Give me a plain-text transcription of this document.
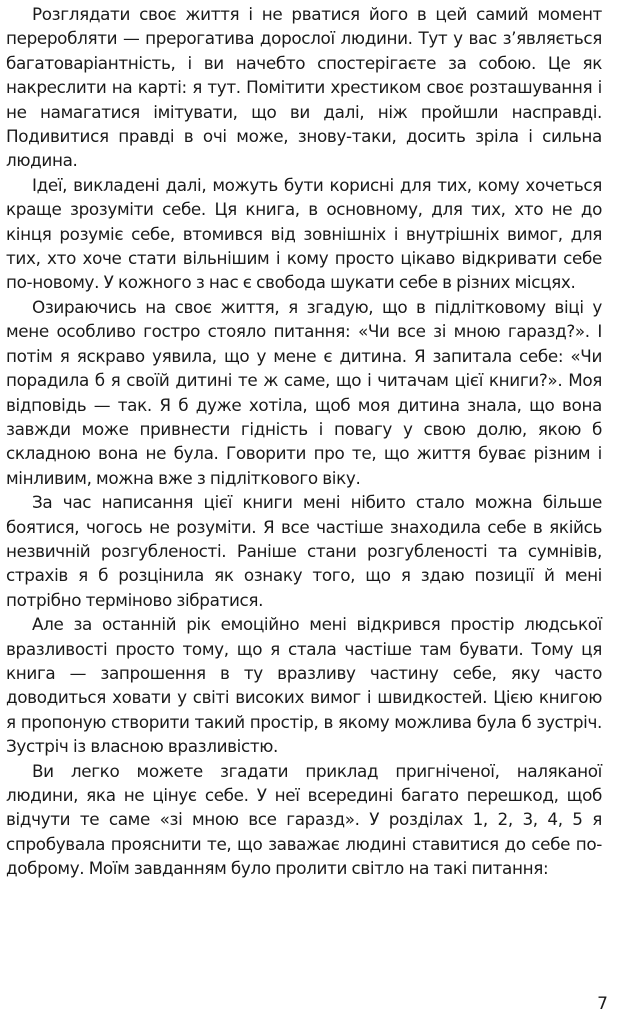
Розглядати своє життя і не рватися його в цей самий момент переробляти — прерогатива дорослої людини. Тут у вас з’являється багатоваріантність, і ви начебто спостерігаєте за собою. Це як накреслити на карті: я тут. Помітити хрестиком своє розташування і не намагатися імітувати, що ви далі, ніж пройшли насправді. Подивитися правді в очі може, знову-таки, досить зріла і сильна людина.

Ідеї, викладені далі, можуть бути корисні для тих, кому хочеться краще зрозуміти себе. Ця книга, в основному, для тих, хто не до кінця розуміє себе, втомився від зовнішніх і внутрішніх вимог, для тих, хто хоче стати вільнішим і кому просто цікаво відкривати себе по-новому. У кожного з нас є свобода шукати себе в різних місцях.

Озираючись на своє життя, я згадую, що в підлітковому віці у мене особливо гостро стояло питання: «Чи все зі мною гаразд?». І потім я яскраво уявила, що у мене є дитина. Я запитала себе: «Чи порадила б я своїй дитині те ж саме, що і читачам цієї книги?». Моя відповідь — так. Я б дуже хотіла, щоб моя дитина знала, що вона завжди може привнести гідність і повагу у свою долю, якою б складною вона не була. Говорити про те, що життя буває різним і мінливим, можна вже з підліткового віку.

За час написання цієї книги мені нібито стало можна більше боятися, чогось не розуміти. Я все частіше знаходила себе в якійсь незвичній розгубленості. Раніше стани розгубленості та сумнівів, страхів я б розцінила як ознаку того, що я здаю позиції й мені потрібно терміново зібратися.

Але за останній рік емоційно мені відкрився простір людської вразливості просто тому, що я стала частіше там бувати. Тому ця книга — запрошення в ту вразливу частину себе, яку часто доводиться ховати у світі високих вимог і швидкостей. Цією книгою я пропоную створити такий простір, в якому можлива була б зустріч. Зустріч із власною вразливістю.

Ви легко можете згадати приклад пригніченої, наляканої людини, яка не цінує себе. У неї всередині багато перешкод, щоб відчути те саме «зі мною все гаразд». У розділах 1, 2, 3, 4, 5 я спробувала прояснити те, що заважає людині ставитися до себе по-доброму. Моїм завданням було пролити світло на такі питання:

7
